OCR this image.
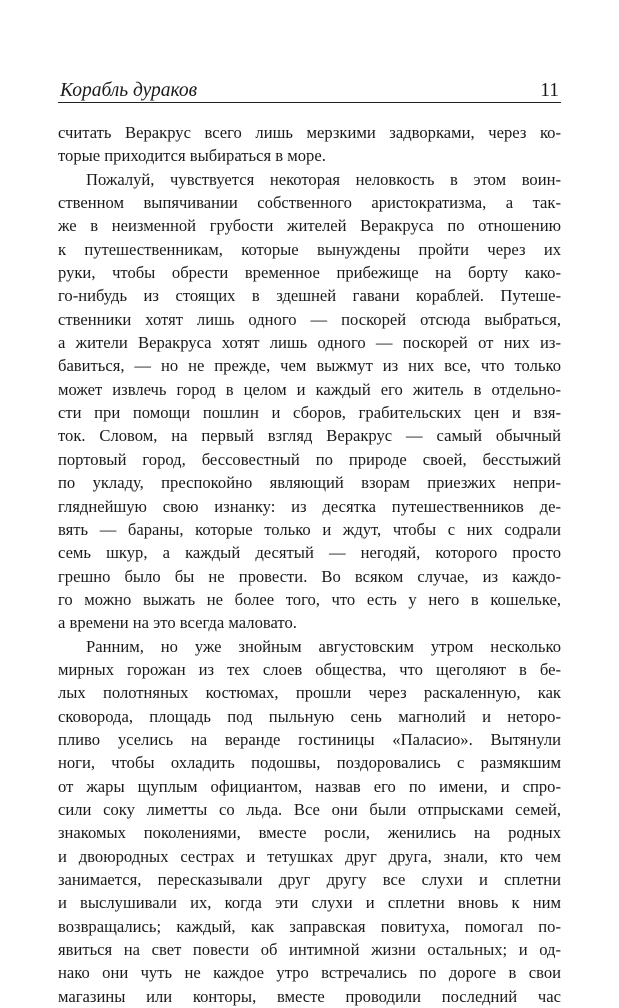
Корабль дураков	11
считать Веракрус всего лишь мерзкими задворками, через ко-
торые приходится выбираться в море.
Пожалуй, чувствуется некоторая неловкость в этом воин-
ственном выпячивании собственного аристократизма, а так-
же в неизменной грубости жителей Веракруса по отношению
к путешественникам, которые вынуждены пройти через их
руки, чтобы обрести временное прибежище на борту како-
го-нибудь из стоящих в здешней гавани кораблей. Путеше-
ственники хотят лишь одного — поскорей отсюда выбраться,
а жители Веракруса хотят лишь одного — поскорей от них из-
бавиться, — но не прежде, чем выжмут из них все, что только
может извлечь город в целом и каждый его житель в отдельно-
сти при помощи пошлин и сборов, грабительских цен и взя-
ток. Словом, на первый взгляд Веракрус — самый обычный
портовый город, бессовестный по природе своей, бесстыжий
по укладу, преспокойно являющий взорам приезжих непри-
гляднейшую свою изнанку: из десятка путешественников де-
вять — бараны, которые только и ждут, чтобы с них содрали
семь шкур, а каждый десятый — негодяй, которого просто
грешно было бы не провести. Во всяком случае, из каждо-
го можно выжать не более того, что есть у него в кошельке,
а времени на это всегда маловато.
Ранним, но уже знойным августовским утром несколько
мирных горожан из тех слоев общества, что щеголяют в бе-
лых полотняных костюмах, прошли через раскаленную, как
сковорода, площадь под пыльную сень магнолий и неторо-
пливо уселись на веранде гостиницы «Паласио». Вытянули
ноги, чтобы охладить подошвы, поздоровались с размякшим
от жары щуплым официантом, назвав его по имени, и спро-
сили соку лиметты со льда. Все они были отпрысками семей,
знакомых поколениями, вместе росли, женились на родных
и двоюродных сестрах и тетушках друг друга, знали, кто чем
занимается, пересказывали друг другу все слухи и сплетни
и выслушивали их, когда эти слухи и сплетни вновь к ним
возвращались; каждый, как заправская повитуха, помогал по-
явиться на свет повести об интимной жизни остальных; и од-
нако они чуть не каждое утро встречались по дороге в свои
магазины или конторы, вместе проводили последний час
